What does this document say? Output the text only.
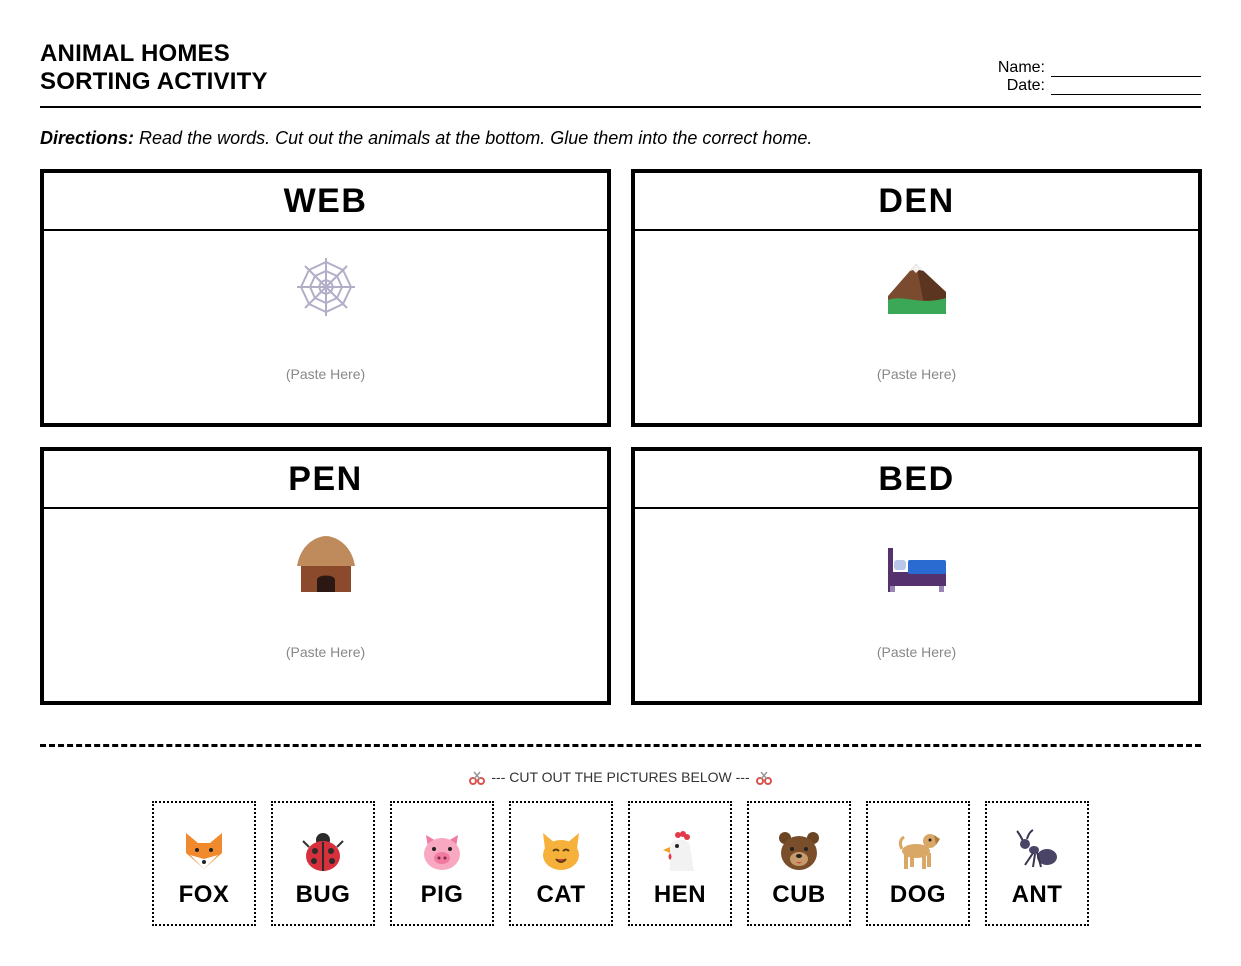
ANIMAL HOMES
SORTING ACTIVITY
Name:
Date:
Directions: Read the words. Cut out the animals at the bottom. Glue them into the correct home.
WEB
(Paste Here)
DEN
(Paste Here)
PEN
(Paste Here)
BED
(Paste Here)
--- CUT OUT THE PICTURES BELOW ---
FOX	BUG	PIG	CAT	HEN	CUB	DOG	ANT
